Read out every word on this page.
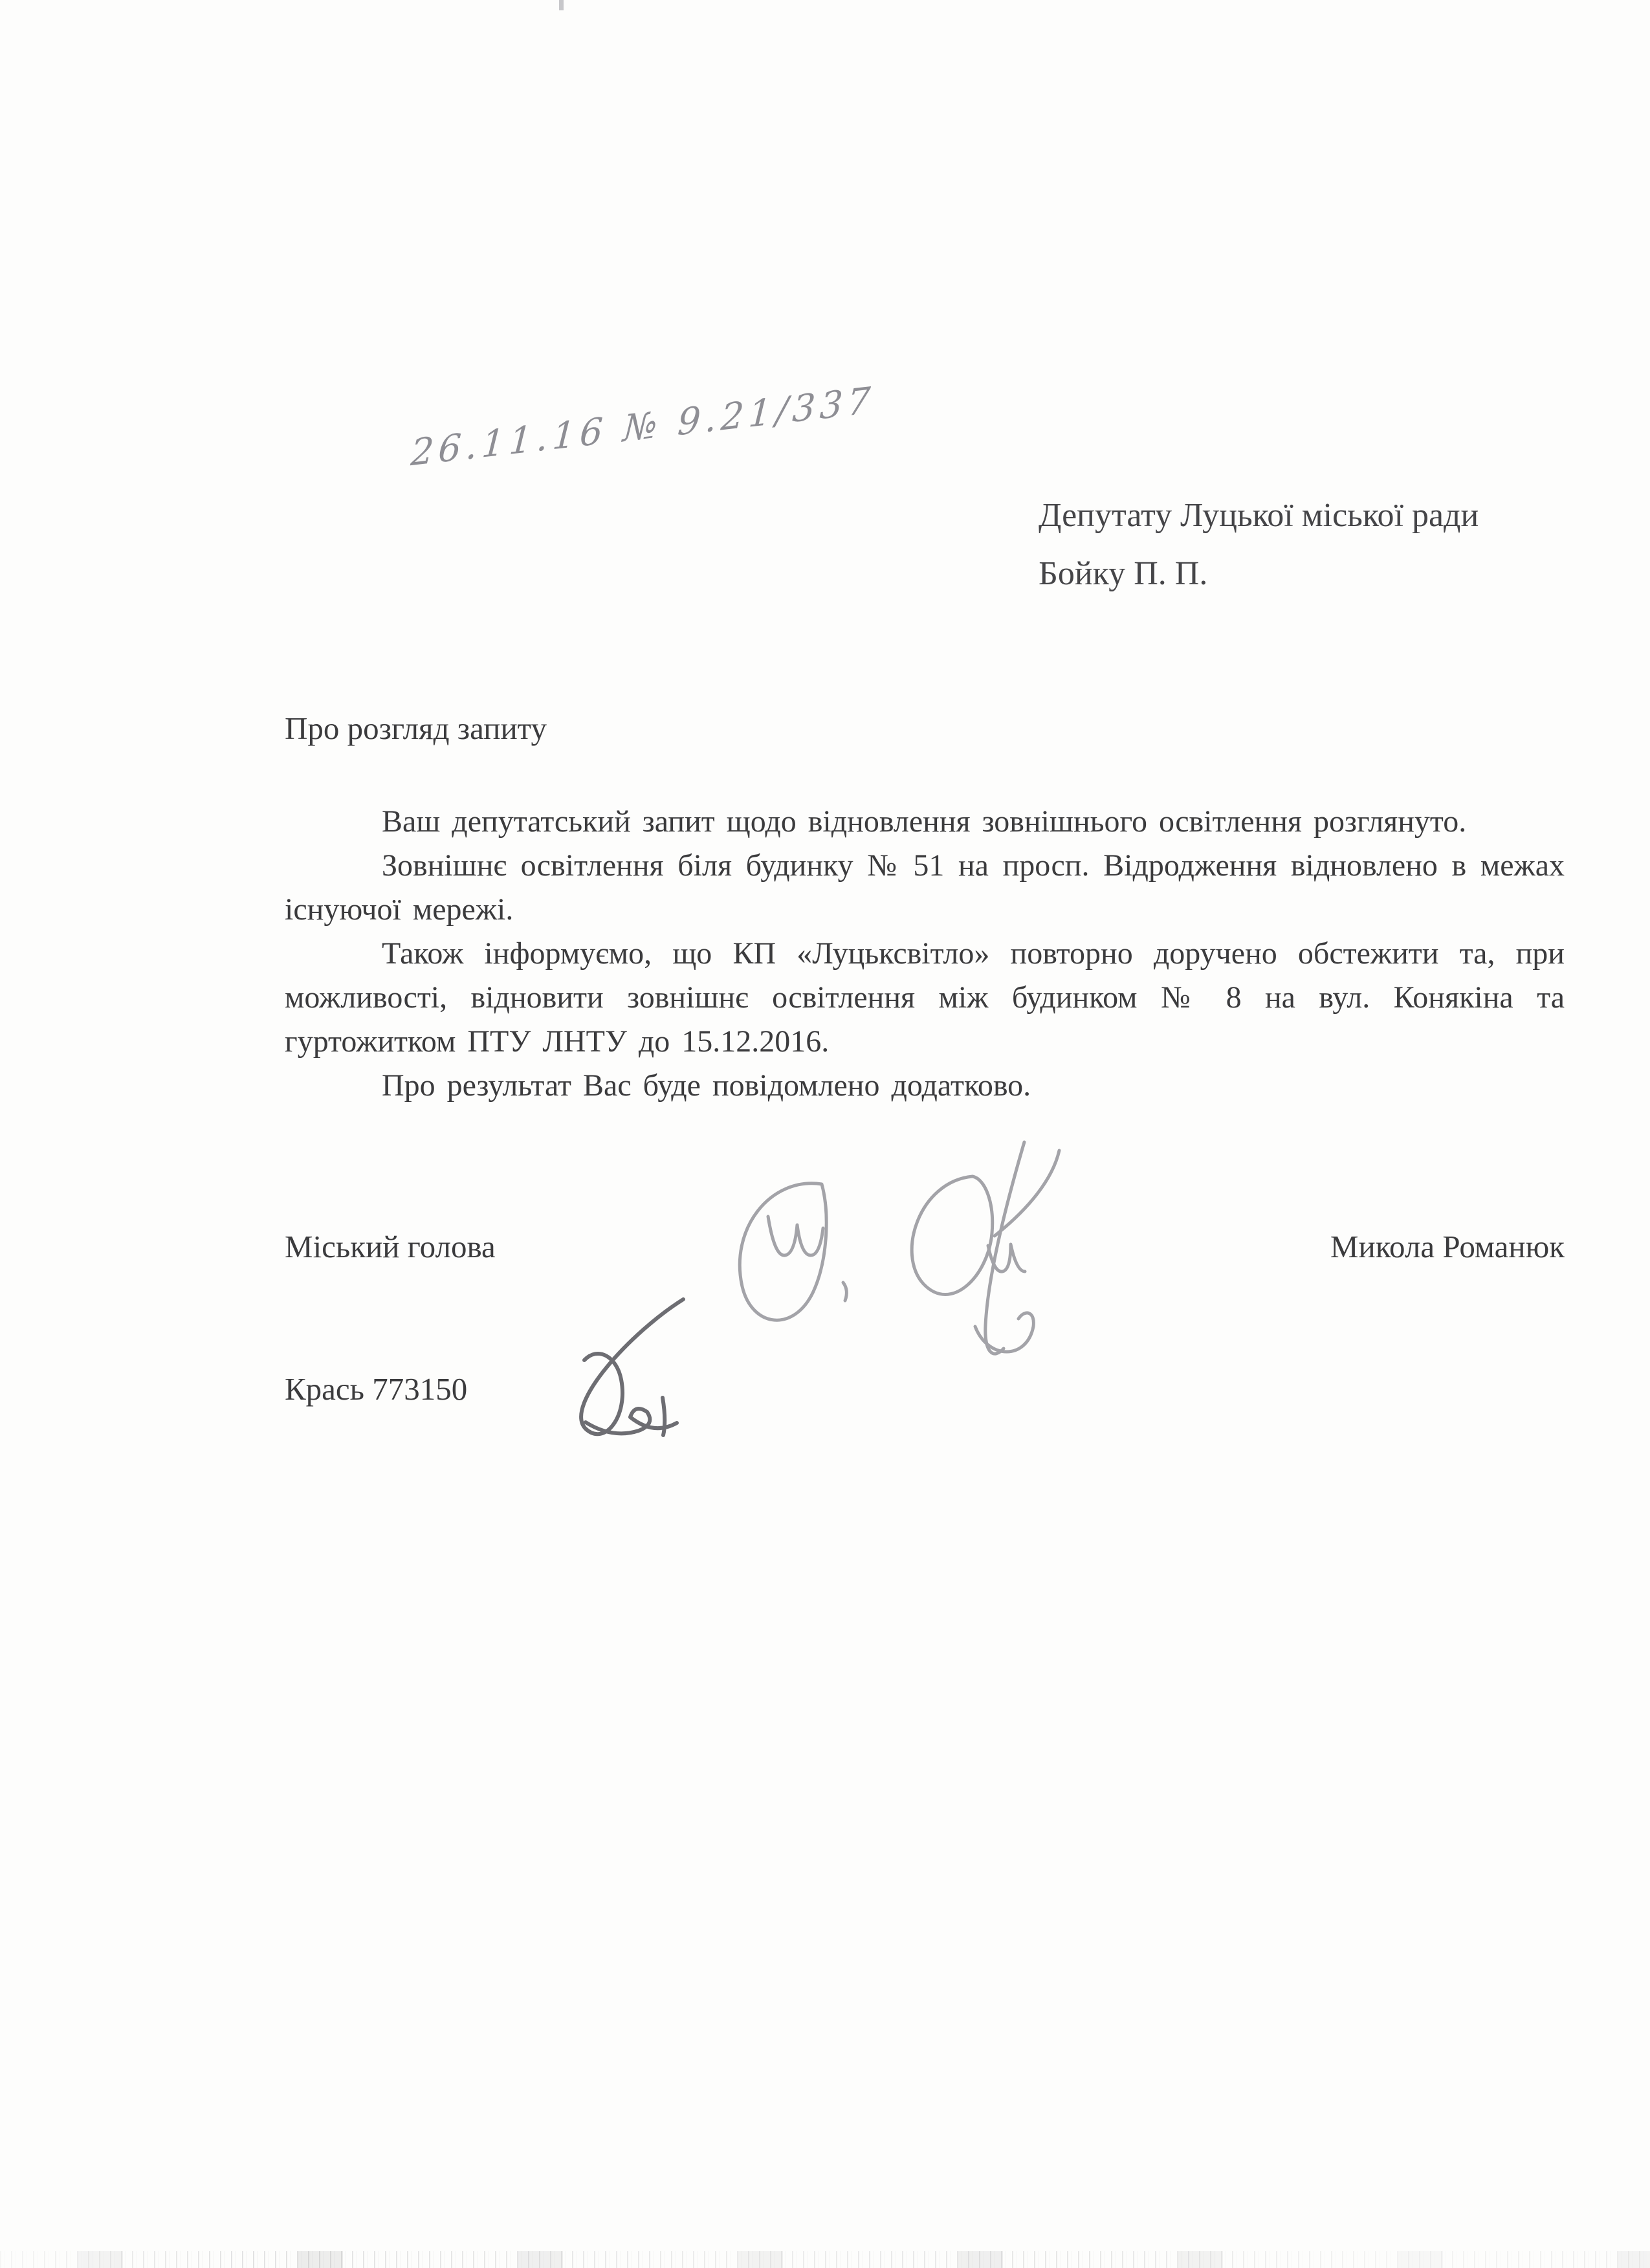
26.11.16 № 9.21/337
Депутату Луцької міської ради
Бойку П. П.

Про розгляд запиту

Ваш депутатський запит щодо відновлення зовнішнього освітлення розглянуто.

Зовнішнє освітлення біля будинку № 51 на просп. Відродження відновлено в межах існуючої мережі.

Також інформуємо, що КП «Луцьксвітло» повторно доручено обстежити та, при можливості, відновити зовнішнє освітлення між будинком № 8 на вул. Конякіна та гуртожитком ПТУ ЛНТУ до 15.12.2016.

Про результат Вас буде повідомлено додатково.

Міський голова	Микола Романюк
Крась 773150
